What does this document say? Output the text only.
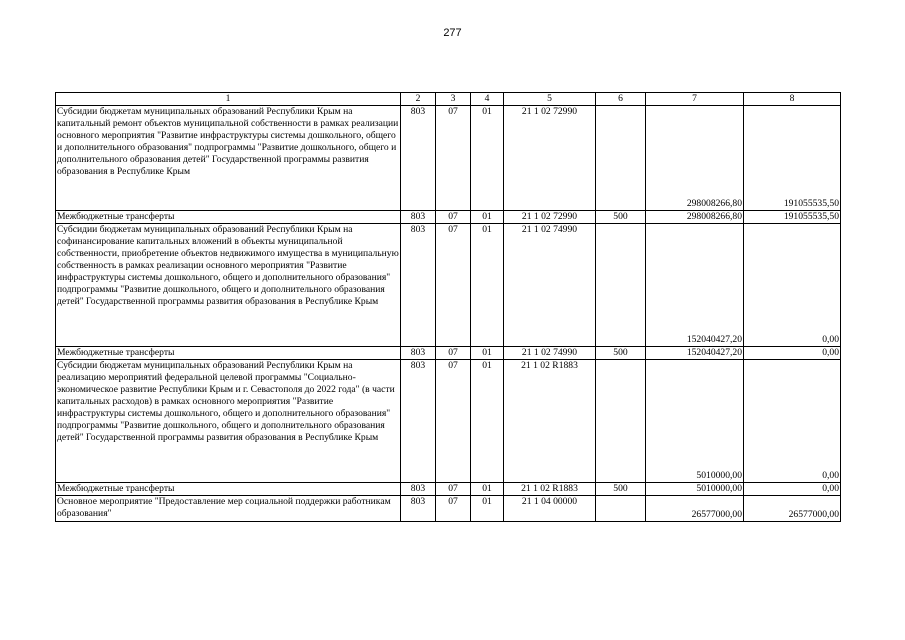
277
1	2	3	4	5	6	7	8
Субсидии бюджетам муниципальных образований Республики Крым на капитальный ремонт объектов муниципальной собственности в рамках реализации основного мероприятия "Развитие инфраструктуры системы дошкольного, общего и дополнительного образования" подпрограммы "Развитие дошкольного, общего и дополнительного образования детей" Государственной программы развития образования в Республике Крым	803	07	01	21 1 02 72990		298008266,80	191055535,50
Межбюджетные трансферты	803	07	01	21 1 02 72990	500	298008266,80	191055535,50
Субсидии бюджетам муниципальных образований Республики Крым на софинансирование капитальных вложений в объекты муниципальной собственности, приобретение объектов недвижимого имущества в муниципальную собственность в рамках реализации основного мероприятия "Развитие инфраструктуры системы дошкольного, общего и дополнительного образования" подпрограммы "Развитие дошкольного, общего и дополнительного образования детей" Государственной программы развития образования в Республике Крым	803	07	01	21 1 02 74990		152040427,20	0,00
Межбюджетные трансферты	803	07	01	21 1 02 74990	500	152040427,20	0,00
Субсидии бюджетам муниципальных образований Республики Крым на реализацию мероприятий федеральной целевой программы "Социально-экономическое развитие Республики Крым и г. Севастополя до 2022 года" (в части капитальных расходов) в рамках основного мероприятия "Развитие инфраструктуры системы дошкольного, общего и дополнительного образования" подпрограммы "Развитие дошкольного, общего и дополнительного образования детей" Государственной программы развития образования в Республике Крым	803	07	01	21 1 02 R1883		5010000,00	0,00
Межбюджетные трансферты	803	07	01	21 1 02 R1883	500	5010000,00	0,00
Основное мероприятие "Предоставление мер социальной поддержки работникам образования"	803	07	01	21 1 04 00000		26577000,00	26577000,00
